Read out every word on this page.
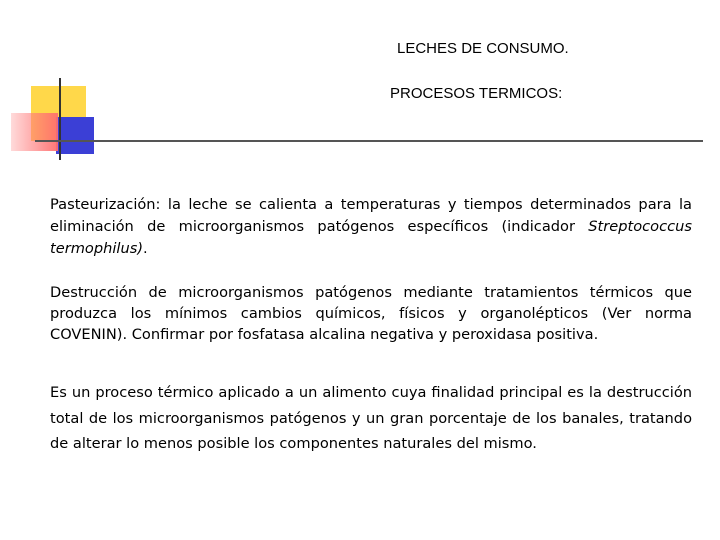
LECHES DE CONSUMO.
PROCESOS TERMICOS:

Pasteurización: la leche se calienta a temperaturas y tiempos determinados para la eliminación de microorganismos patógenos específicos (indicador Streptococcus termophilus).

Destrucción de microorganismos patógenos mediante tratamientos térmicos que produzca los mínimos cambios químicos, físicos y organolépticos (Ver norma COVENIN). Confirmar por fosfatasa alcalina negativa y peroxidasa positiva.

Es un proceso térmico aplicado a un alimento cuya finalidad principal es la destrucción total de los microorganismos patógenos y un gran porcentaje de los banales, tratando de alterar lo menos posible los componentes naturales del mismo.
